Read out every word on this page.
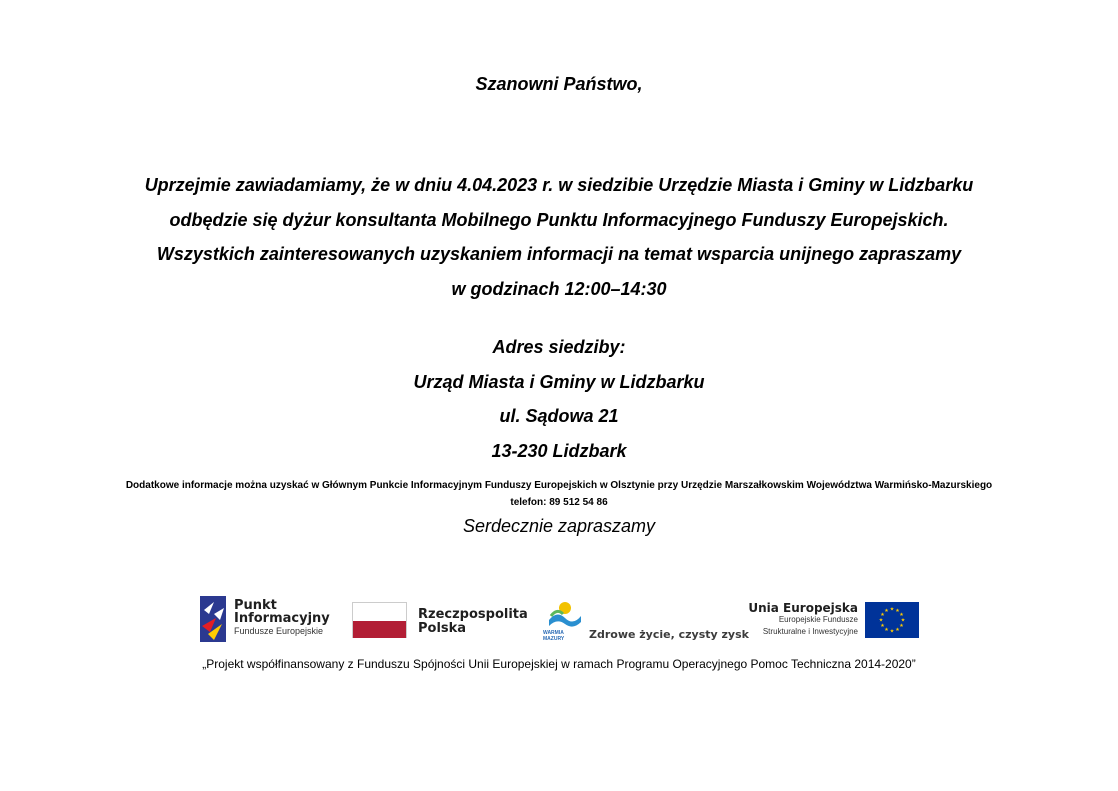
Szanowni Państwo,
Uprzejmie zawiadamiamy, że w dniu 4.04.2023 r. w siedzibie Urzędzie Miasta i Gminy w Lidzbarku
odbędzie się dyżur konsultanta Mobilnego Punktu Informacyjnego Funduszy Europejskich.
Wszystkich zainteresowanych uzyskaniem informacji na temat wsparcia unijnego zapraszamy
w godzinach 12:00–14:30
Adres siedziby:
Urząd Miasta i Gminy w Lidzbarku
ul. Sądowa 21
13-230 Lidzbark
Dodatkowe informacje można uzyskać w Głównym Punkcie Informacyjnym Funduszy Europejskich w Olsztynie przy Urzędzie Marszałkowskim Województwa Warmińsko-Mazurskiego
telefon: 89 512 54 86
Serdecznie zapraszamy
Punkt
Informacyjny
Fundusze Europejskie
Rzeczpospolita
Polska	WARMIA
MAZURY Zdrowe życie, czysty zysk
Unia Europejska
Europejskie Fundusze
Strukturalne i Inwestycyjne
★ ★
★
★
★
★
★
★
★
★
★
★
„Projekt współfinansowany z Funduszu Spójności Unii Europejskiej w ramach Programu Operacyjnego Pomoc Techniczna 2014-2020”
